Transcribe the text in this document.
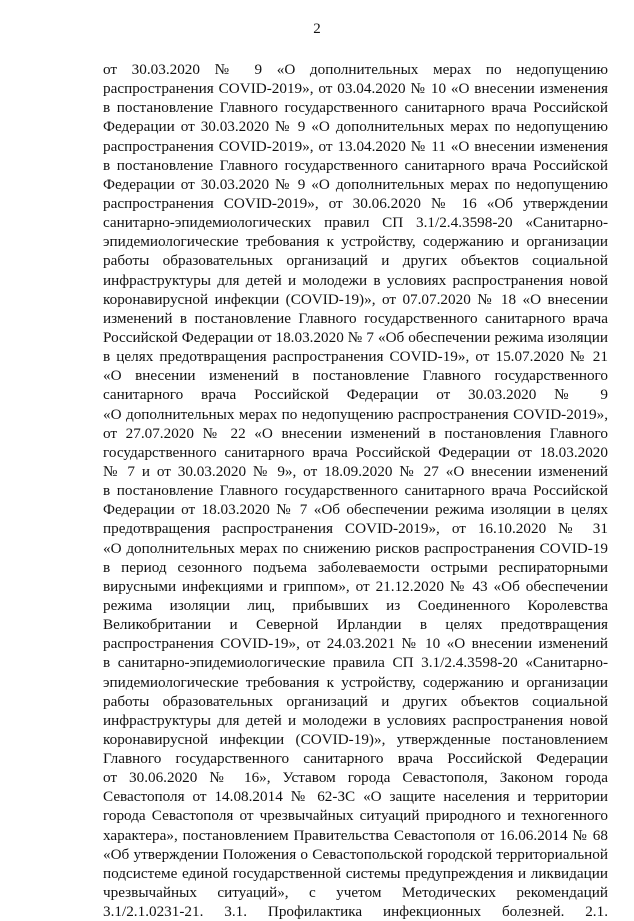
2
от 30.03.2020 № 9 «О дополнительных мерах по недопущению
распространения COVID-2019», от 03.04.2020 № 10 «О внесении изменения
в постановление Главного государственного санитарного врача Российской
Федерации от 30.03.2020 № 9 «О дополнительных мерах по недопущению
распространения COVID-2019», от 13.04.2020 № 11 «О внесении изменения
в постановление Главного государственного санитарного врача Российской
Федерации от 30.03.2020 № 9 «О дополнительных мерах по недопущению
распространения COVID-2019», от 30.06.2020 № 16 «Об утверждении
санитарно-эпидемиологических правил СП 3.1/2.4.3598-20 «Санитарно-
эпидемиологические требования к устройству, содержанию и организации
работы образовательных организаций и других объектов социальной
инфраструктуры для детей и молодежи в условиях распространения новой
коронавирусной инфекции (COVID-19)», от 07.07.2020 № 18 «О внесении
изменений в постановление Главного государственного санитарного врача
Российской Федерации от 18.03.2020 № 7 «Об обеспечении режима изоляции
в целях предотвращения распространения COVID-19», от 15.07.2020 № 21
«О внесении изменений в постановление Главного государственного
санитарного врача Российской Федерации от 30.03.2020 № 9
«О дополнительных мерах по недопущению распространения COVID-2019»,
от 27.07.2020 № 22 «О внесении изменений в постановления Главного
государственного санитарного врача Российской Федерации от 18.03.2020
№ 7 и от 30.03.2020 № 9», от 18.09.2020 № 27 «О внесении изменений
в постановление Главного государственного санитарного врача Российской
Федерации от 18.03.2020 № 7 «Об обеспечении режима изоляции в целях
предотвращения распространения COVID-2019», от 16.10.2020 № 31
«О дополнительных мерах по снижению рисков распространения COVID-19
в период сезонного подъема заболеваемости острыми респираторными
вирусными инфекциями и гриппом», от 21.12.2020 № 43 «Об обеспечении
режима изоляции лиц, прибывших из Соединенного Королевства
Великобритании и Северной Ирландии в целях предотвращения
распространения COVID-19», от 24.03.2021 № 10 «О внесении изменений
в санитарно-эпидемиологические правила СП 3.1/2.4.3598-20 «Санитарно-
эпидемиологические требования к устройству, содержанию и организации
работы образовательных организаций и других объектов социальной
инфраструктуры для детей и молодежи в условиях распространения новой
коронавирусной инфекции (COVID-19)», утвержденные постановлением
Главного государственного санитарного врача Российской Федерации
от 30.06.2020 № 16», Уставом города Севастополя, Законом города
Севастополя от 14.08.2014 № 62-ЗС «О защите населения и территории
города Севастополя от чрезвычайных ситуаций природного и техногенного
характера», постановлением Правительства Севастополя от 16.06.2014 № 68
«Об утверждении Положения о Севастопольской городской территориальной
подсистеме единой государственной системы предупреждения и ликвидации
чрезвычайных ситуаций», с учетом Методических рекомендаций
3.1/2.1.0231-21. 3.1. Профилактика инфекционных болезней. 2.1.
